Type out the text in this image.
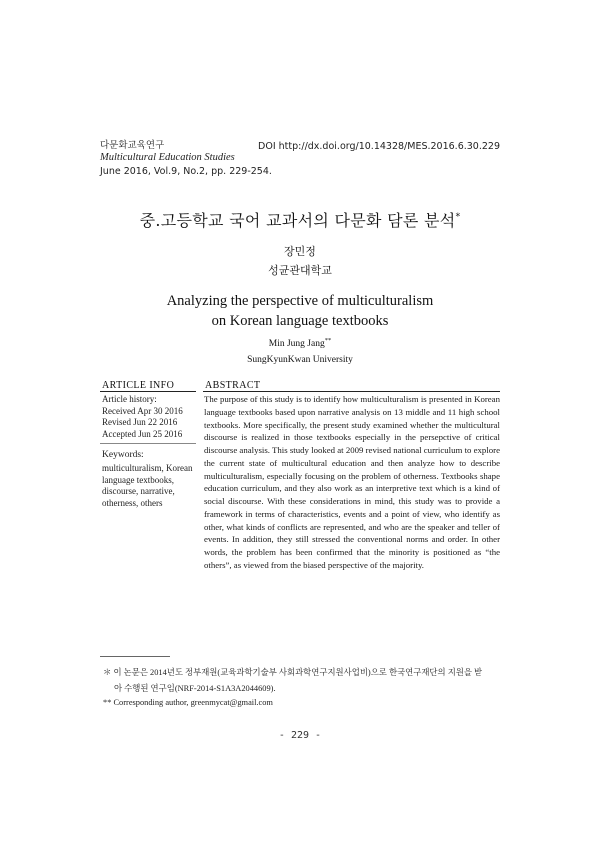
다문화교육연구
Multicultural Education Studies
June 2016, Vol.9, No.2, pp. 229-254.
DOI http://dx.doi.org/10.14328/MES.2016.6.30.229
중.고등학교 국어 교과서의 다문화 담론 분석*
장민정
성균관대학교
Analyzing the perspective of multiculturalism
on Korean language textbooks
Min Jung Jang**
SungKyunKwan University
ARTICLE INFO
Article history:
Received Apr 30 2016
Revised Jun 22 2016
Accepted Jun 25 2016
Keywords:
multiculturalism, Korean
language textbooks,
discourse, narrative,
otherness, others
ABSTRACT
The purpose of this study is to identify how multiculturalism is presented in Korean language textbooks based upon narrative analysis on 13 middle and 11 high school textbooks. More specifically, the present study examined whether the multicultural discourse is realized in those textbooks especially in the persepctive of critical discourse analysis. This study looked at 2009 revised national curriculum to explore the current state of multicultural education and then analyze how to describe multiculturalism, especially focusing on the problem of otherness. Textbooks shape education curriculum, and they also work as an interpretive text which is a kind of social discourse. With these considerations in mind, this study was to provide a framework in terms of characteristics, events and a point of view, who identify as other, what kinds of conflicts are represented, and who are the speaker and teller of events. In addition, they still stressed the conventional norms and order. In other words, the problem has been confirmed that the minority is positioned as “the others”, as viewed from the biased perspective of the majority.
＊ 이 논문은 2014년도 정부재원(교육과학기술부 사회과학연구지원사업비)으로 한국연구재단의 지원을 받
아 수행된 연구임(NRF-2014-S1A3A2044609).
** Corresponding author, greenmycat@gmail.com
- 229 -
